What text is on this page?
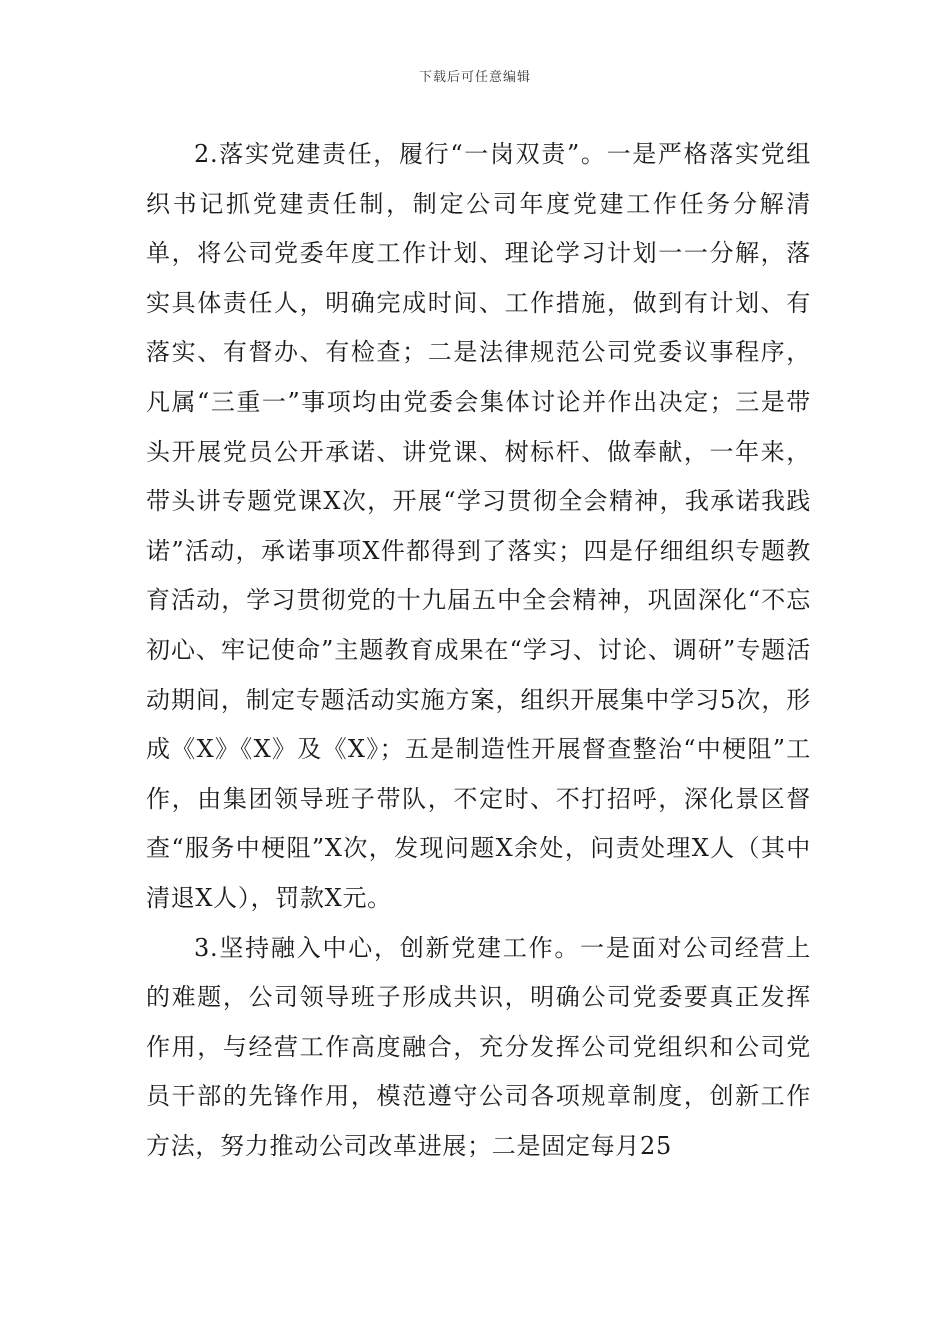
下载后可任意编辑

2.落实党建责任，履行“一岗双责”。一是严格落实党组织书记抓党建责任制，制定公司年度党建工作任务分解清单，将公司党委年度工作计划、理论学习计划一一分解，落实具体责任人，明确完成时间、工作措施，做到有计划、有落实、有督办、有检查；二是法律规范公司党委议事程序，凡属“三重一”事项均由党委会集体讨论并作出决定；三是带头开展党员公开承诺、讲党课、树标杆、做奉献，一年来，带头讲专题党课X次，开展“学习贯彻全会精神，我承诺我践诺”活动，承诺事项X件都得到了落实；四是仔细组织专题教育活动，学习贯彻党的十九届五中全会精神，巩固深化“不忘初心、牢记使命”主题教育成果在“学习、讨论、调研”专题活动期间，制定专题活动实施方案，组织开展集中学习5次，形成《X》《X》及《X》；五是制造性开展督查整治“中梗阻”工作，由集团领导班子带队，不定时、不打招呼，深化景区督查“服务中梗阻”X次，发现问题X余处，问责处理X人（其中清退X人），罚款X元。

3.坚持融入中心，创新党建工作。一是面对公司经营上的难题，公司领导班子形成共识，明确公司党委要真正发挥作用，与经营工作高度融合，充分发挥公司党组织和公司党员干部的先锋作用，模范遵守公司各项规章制度，创新工作方法，努力推动公司改革进展；二是固定每月25
